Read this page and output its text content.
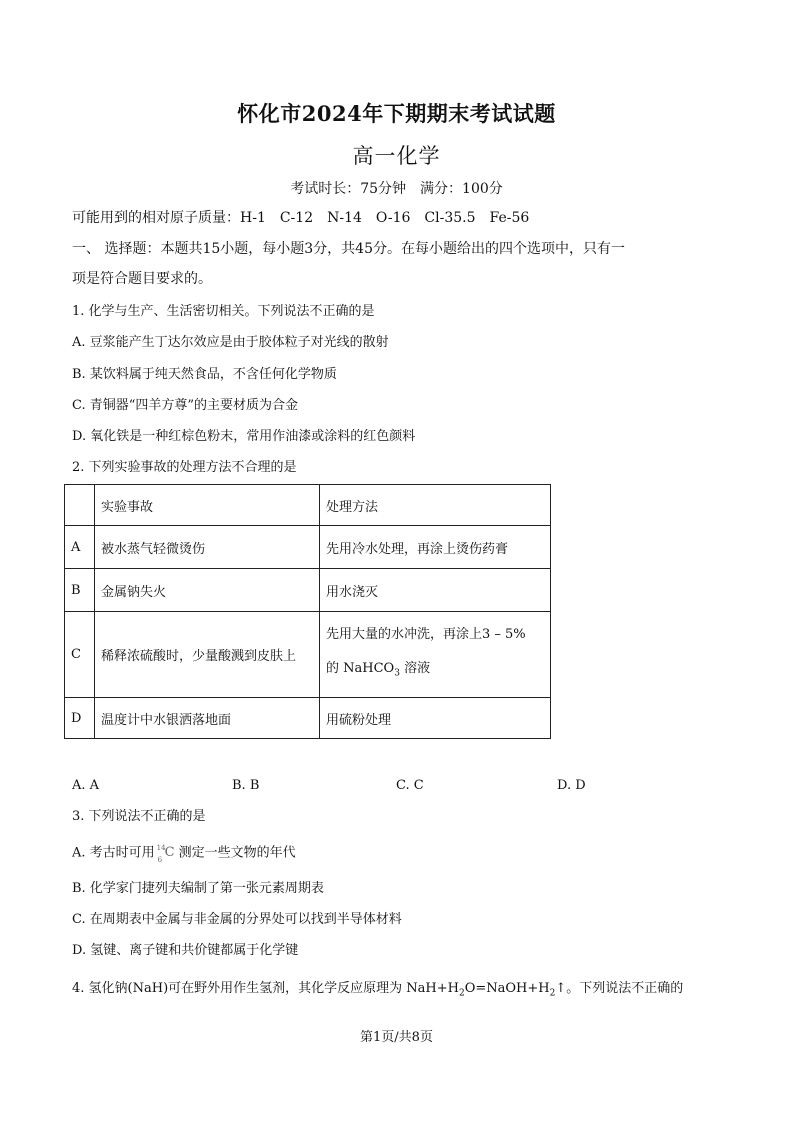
怀化市2024年下期期末考试试题
高一化学
考试时长：75分钟　满分：100分
可能用到的相对原子质量：H-1　C-12　N-14　O-16　Cl-35.5　Fe-56
一、 选择题：本题共15小题，每小题3分，共45分。在每小题给出的四个选项中，只有一
项是符合题目要求的。
1. 化学与生产、生活密切相关。下列说法不正确的是
A. 豆浆能产生丁达尔效应是由于胶体粒子对光线的散射
B. 某饮料属于纯天然食品，不含任何化学物质
C. 青铜器“四羊方尊”的主要材质为合金
D. 氧化铁是一种红棕色粉末，常用作油漆或涂料的红色颜料
2. 下列实验事故的处理方法不合理的是
	实验事故	处理方法
A	被水蒸气轻微烫伤	先用冷水处理，再涂上烫伤药膏
B	金属钠失火	用水浇灭
C	稀释浓硫酸时，少量酸溅到皮肤上	先用大量的水冲洗，再涂上3 – 5%
的 NaHCO$_3$ 溶液

D	温度计中水银洒落地面	用硫粉处理
A. A	B. B	C. C	D. D
3. 下列说法不正确的是
A. 考古时可用 14
6 C 测定一些文物的年代
B. 化学家门捷列夫编制了第一张元素周期表
C. 在周期表中金属与非金属的分界处可以找到半导体材料
D. 氢键、离子键和共价键都属于化学键
4. 氢化钠(NaH)可在野外用作生氢剂，其化学反应原理为 $NaH+H_2O=NaOH+H_2↑$。下列说法不正确的
第1页/共8页
